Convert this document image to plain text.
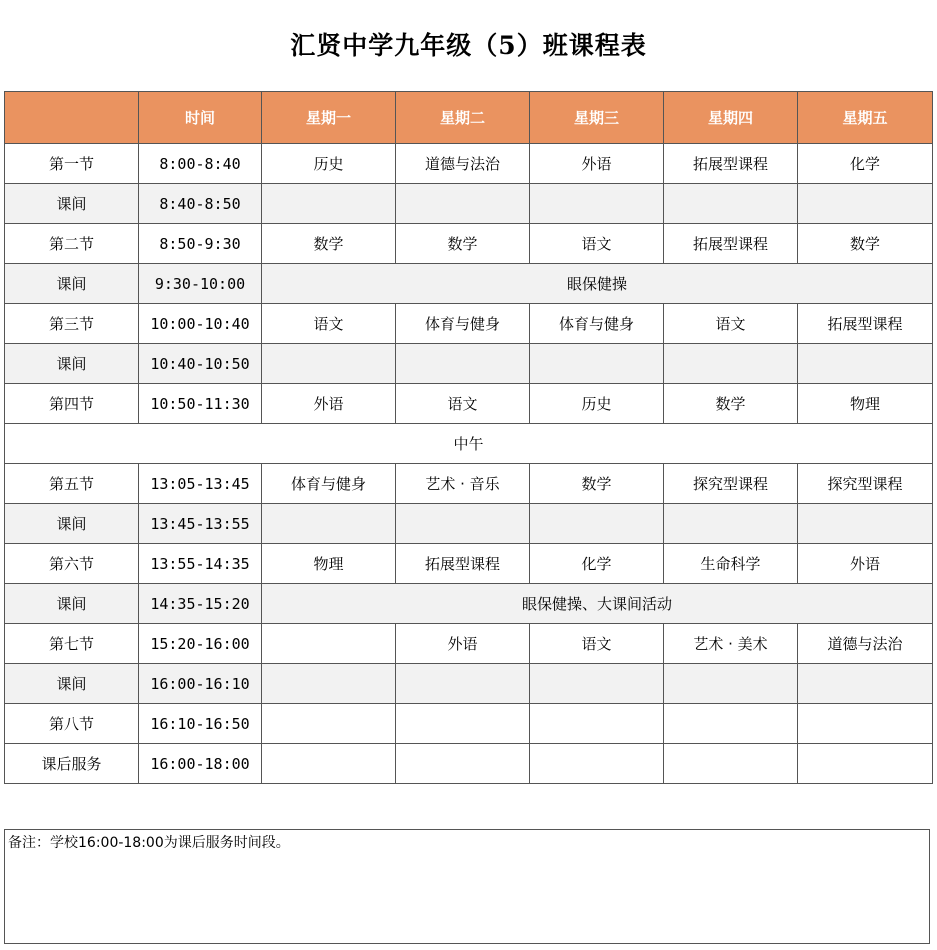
汇贤中学九年级（5）班课程表
	时间	星期一	星期二	星期三	星期四	星期五
第一节	8:00-8:40	历史	道德与法治	外语	拓展型课程	化学
课间	8:40-8:50					
第二节	8:50-9:30	数学	数学	语文	拓展型课程	数学
课间	9:30-10:00	眼保健操				
第三节	10:00-10:40	语文	体育与健身	体育与健身	语文	拓展型课程
课间	10:40-10:50					
第四节	10:50-11:30	外语	语文	历史	数学	物理
中午						
第五节	13:05-13:45	体育与健身	艺术 · 音乐	数学	探究型课程	探究型课程
课间	13:45-13:55					
第六节	13:55-14:35	物理	拓展型课程	化学	生命科学	外语
课间	14:35-15:20	眼保健操、大课间活动				
第七节	15:20-16:00		外语	语文	艺术 · 美术	道德与法治
课间	16:00-16:10					
第八节	16:10-16:50					
课后服务	16:00-18:00					
备注：学校16:00-18:00为课后服务时间段。
